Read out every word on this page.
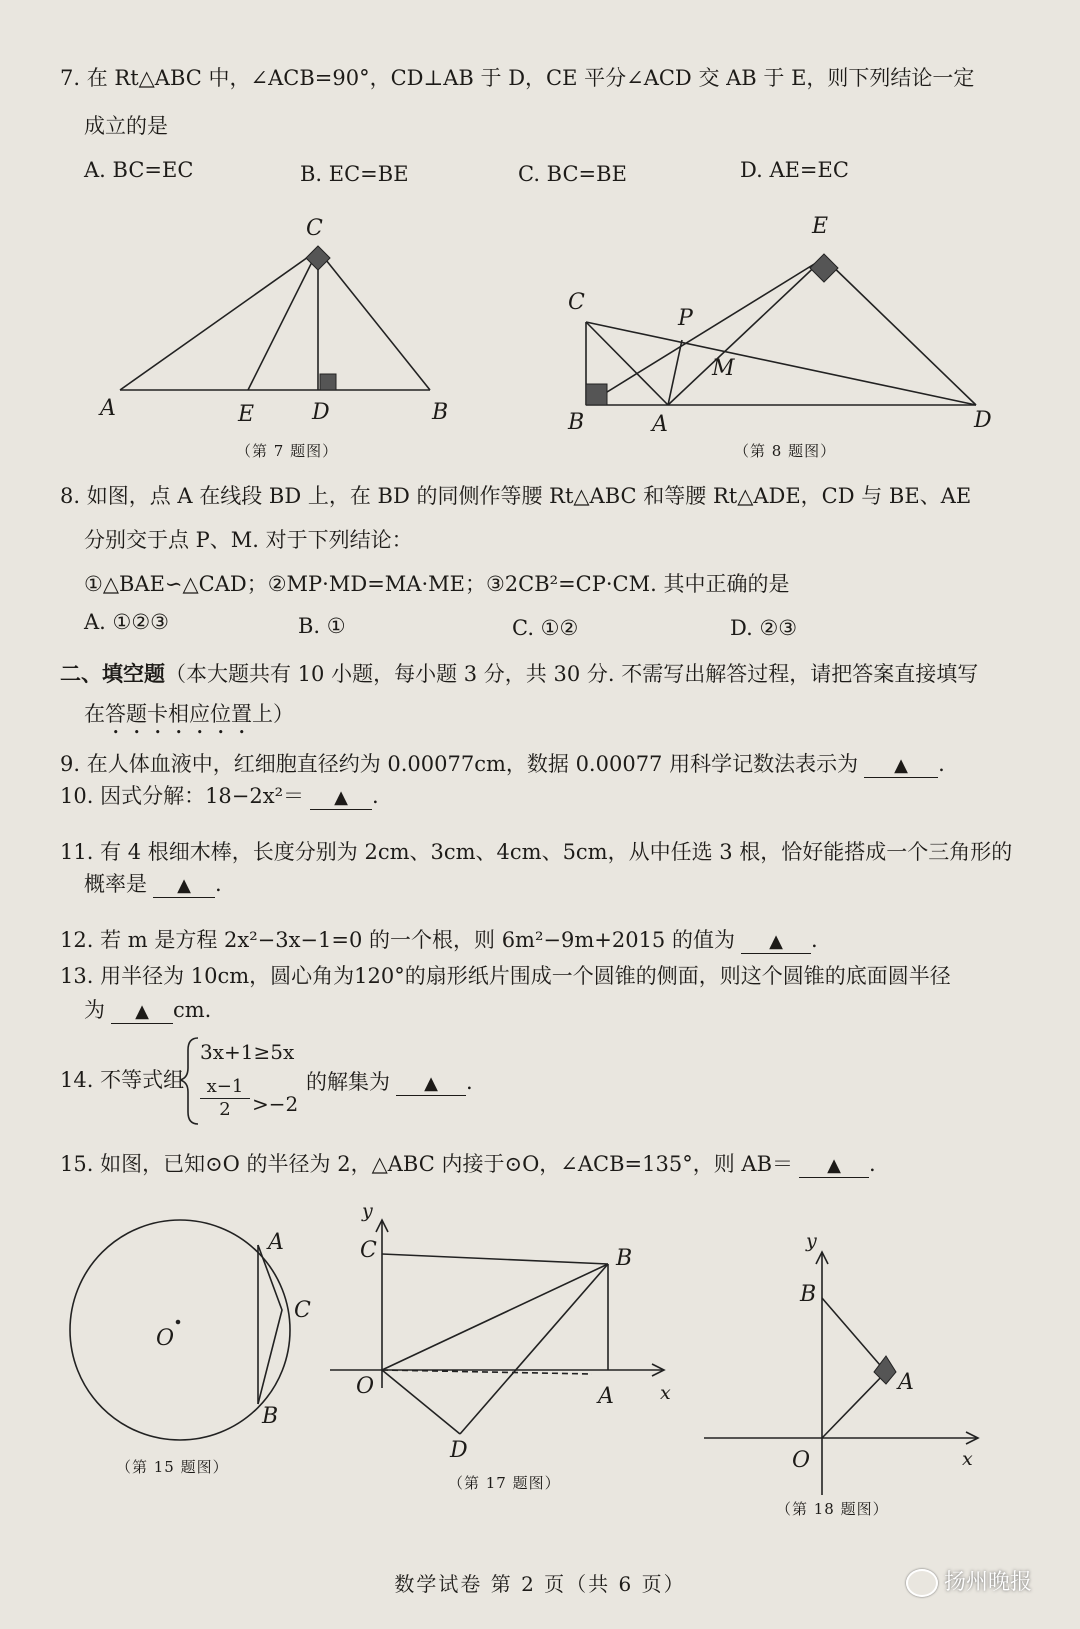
7. 在 Rt△ABC 中，∠ACB=90°，CD⊥AB 于 D，CE 平分∠ACD 交 AB 于 E，则下列结论一定
成立的是
A. BC=EC	B. EC=BE	C. BC=BE	D. AE=EC
C
A	E	D	B
（第 7 题图）
E
C
P
M
B	A	D
（第 8 题图）
8. 如图，点 A 在线段 BD 上，在 BD 的同侧作等腰 Rt△ABC 和等腰 Rt△ADE，CD 与 BE、AE
分别交于点 P、M. 对于下列结论：
①△BAE∽△CAD；②MP·MD=MA·ME；③2CB²=CP·CM. 其中正确的是
A. ①②③	B. ①	C. ①②	D. ②③
二、填空题（本大题共有 10 小题，每小题 3 分，共 30 分. 不需写出解答过程，请把答案直接填写
在答题卡相应位置上）
9. 在人体血液中，红细胞直径约为 0.00077cm，数据 0.00077 用科学记数法表示为 ▲ .
10. 因式分解：18−2x²＝ ▲ .
11. 有 4 根细木棒，长度分别为 2cm、3cm、4cm、5cm，从中任选 3 根，恰好能搭成一个三角形的
概率是 ▲ .
12. 若 m 是方程 2x²−3x−1=0 的一个根，则 6m²−9m+2015 的值为 ▲ .
13. 用半径为 10cm，圆心角为120°的扇形纸片围成一个圆锥的侧面，则这个圆锥的底面圆半径
为 ▲ cm.
14. 不等式组
3x+1≥5x
$\frac{x-1}{2} >-2$
的解集为 ▲ .
15. 如图，已知⊙O 的半径为 2，△ABC 内接于⊙O，∠ACB=135°，则 AB＝ ▲ .
A
C
O
B
（第 15 题图）
y
C	B
O	A x
D
（第 17 题图）
y
B
A
O	x
（第 18 题图）
数学试卷 第 2 页（共 6 页）	扬州晚报
